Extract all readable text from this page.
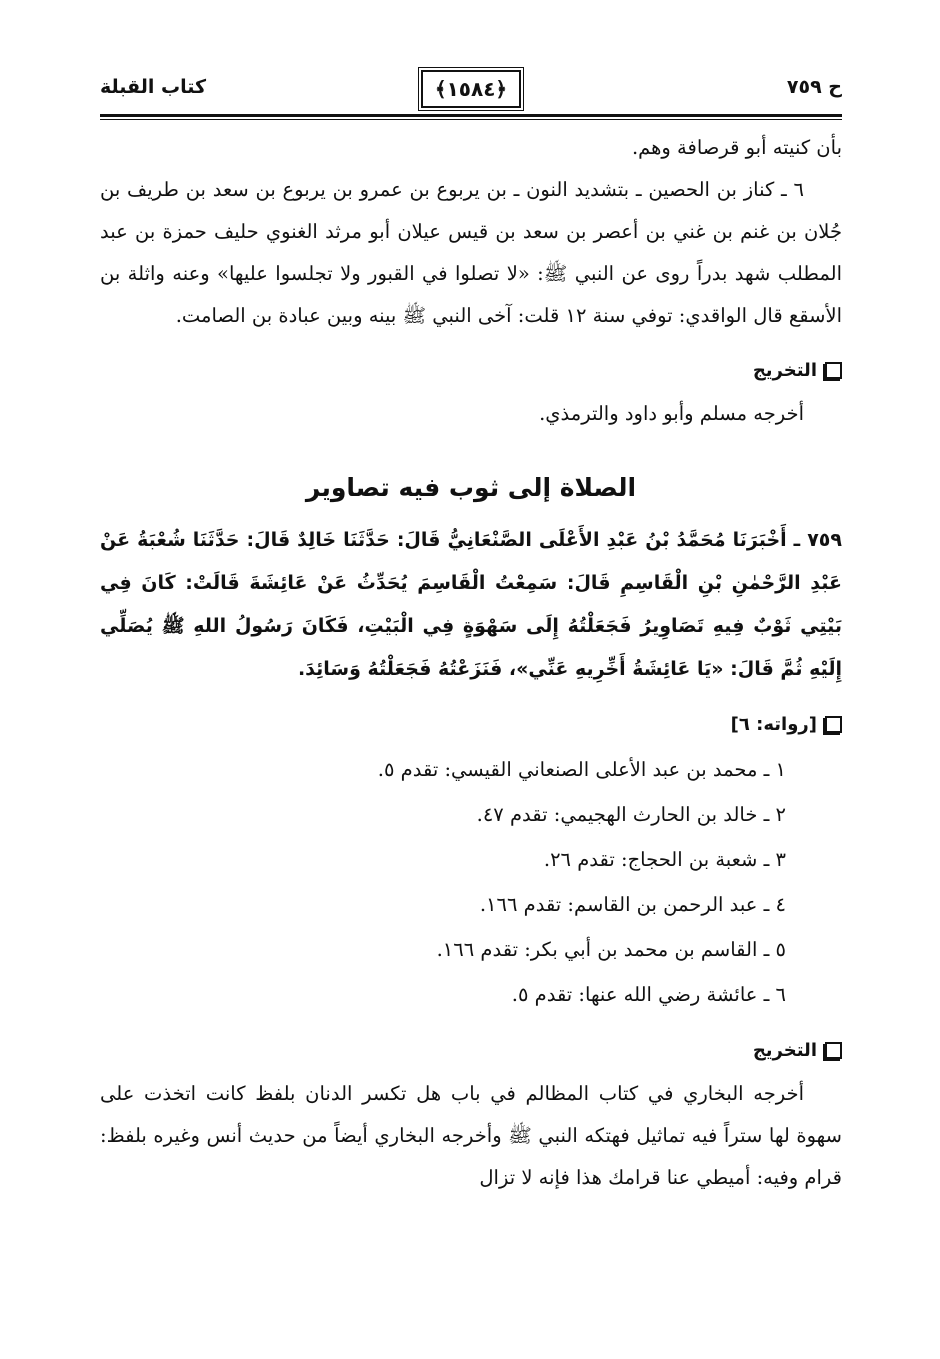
ح ٧٥٩
﴿١٥٨٤﴾
كتاب القبلة

بأن كنيته أبو قرصافة وهم.

٦ ـ كناز بن الحصين ـ بتشديد النون ـ بن يربوع بن عمرو بن يربوع بن سعد بن طريف بن جُلان بن غنم بن غني بن أعصر بن سعد بن قيس عيلان أبو مرثد الغنوي حليف حمزة بن عبد المطلب شهد بدراً روى عن النبي ﷺ: «لا تصلوا في القبور ولا تجلسوا عليها» وعنه واثلة بن الأسقع قال الواقدي: توفي سنة ١٢ قلت: آخى النبي ﷺ بينه وبين عبادة بن الصامت.

التخريج

أخرجه مسلم وأبو داود والترمذي.

الصلاة إلى ثوب فيه تصاوير

٧٥٩ ـ أَخْبَرَنَا مُحَمَّدُ بْنُ عَبْدِ الأَعْلَى الصَّنْعَانِيُّ قَالَ: حَدَّثَنَا خَالِدٌ قَالَ: حَدَّثَنَا شُعْبَةُ عَنْ عَبْدِ الرَّحْمٰنِ بْنِ الْقَاسِمِ قَالَ: سَمِعْتُ الْقَاسِمَ يُحَدِّثُ عَنْ عَائِشَةَ قَالَتْ: كَانَ فِي بَيْتِي ثَوْبٌ فِيهِ تَصَاوِيرُ فَجَعَلْتُهُ إِلَى سَهْوَةٍ فِي الْبَيْتِ، فَكَانَ رَسُولُ اللهِ ﷺ يُصَلِّي إِلَيْهِ ثُمَّ قَالَ: «يَا عَائِشَةُ أَخِّرِيهِ عَنِّي»، فَنَزَعْتُهُ فَجَعَلْتُهُ وَسَائِدَ.

[رواته: ٦]
١ ـ محمد بن عبد الأعلى الصنعاني القيسي: تقدم ٥.
٢ ـ خالد بن الحارث الهجيمي: تقدم ٤٧.
٣ ـ شعبة بن الحجاج: تقدم ٢٦.
٤ ـ عبد الرحمن بن القاسم: تقدم ١٦٦.
٥ ـ القاسم بن محمد بن أبي بكر: تقدم ١٦٦.
٦ ـ عائشة رضي الله عنها: تقدم ٥.
التخريج

أخرجه البخاري في كتاب المظالم في باب هل تكسر الدنان بلفظ كانت اتخذت على سهوة لها ستراً فيه تماثيل فهتكه النبي ﷺ وأخرجه البخاري أيضاً من حديث أنس وغيره بلفظ: قرام وفيه: أميطي عنا قرامك هذا فإنه لا تزال
